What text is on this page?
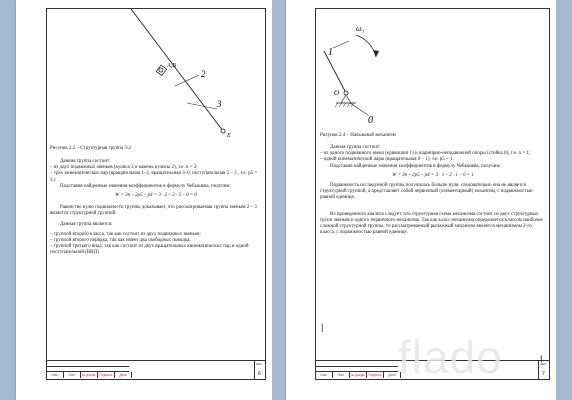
A,B
2
3
E
Рисунок 2.2 – Структурная группа 3-2

Данная группа состоит:

– из двух подвижных звеньев (кулиса 3 и камень кулисы 2), т.е. n = 2;

– трёх кинематических пар (вращательная 1–2, вращательная 3–0, поступательная 2 – 3 , т.е. p5 = 3.)

Подставив найденные значения коэффициентов в формулу Чебышева, получим:

W = 3n – 2p5 – p4 = 3 · 2 – 2 · 3 – 0 = 0

Равенство нулю подвижности группы доказывает, что рассматриваемая группа звеньев 2 – 3 является структурной группой.

Данная группа является:

– группой второго класса, так как состоит из двух подвижных звеньев;

– группой второго порядка, так как имеет два свободных поводка;

– группой третьего вида, так как состоит из двух вращательных кинематических пар и одной поступательной (ВВП).

Изм.	Лист	№ докум. Подпись	Дата
Лист
6
1
ω₁
O
0
Рисунок 2.4 – Начальный механизм

Данная группа состоит:

– из одного подвижного звена (кривошип 1) и шарнирно-неподвижной опоры (стойка 0), т.е. n = 1;

– одной кинематической пары (вращательная 0 – 1), т.е. p5 = 1.

Подставив найденные значения коэффициентов в формулу Чебышева, получим:

W = 3n – 2p5 – p4 = 3 · 1 – 2 · 1 – 0 = 1

Подвижность исследуемой группы получилась больше нуля, следовательно она не является структурной группой, а представляет собой первичный (элементарный) механизм, с подвижностью равной единице.

Из проведенного анализа следует, что структурная схема механизма состоит из двух структурных групп звеньев и одного первичного механизма. Так как класс механизма определяется классом наиболее сложной структурной группы, то рассматриваемый рычажный механизм является механизмом 2-го класса, с подвижностью равной единице.

Изм.	Лист	№ докум. Подпись	Дата
Лист
7
|
I
flado
